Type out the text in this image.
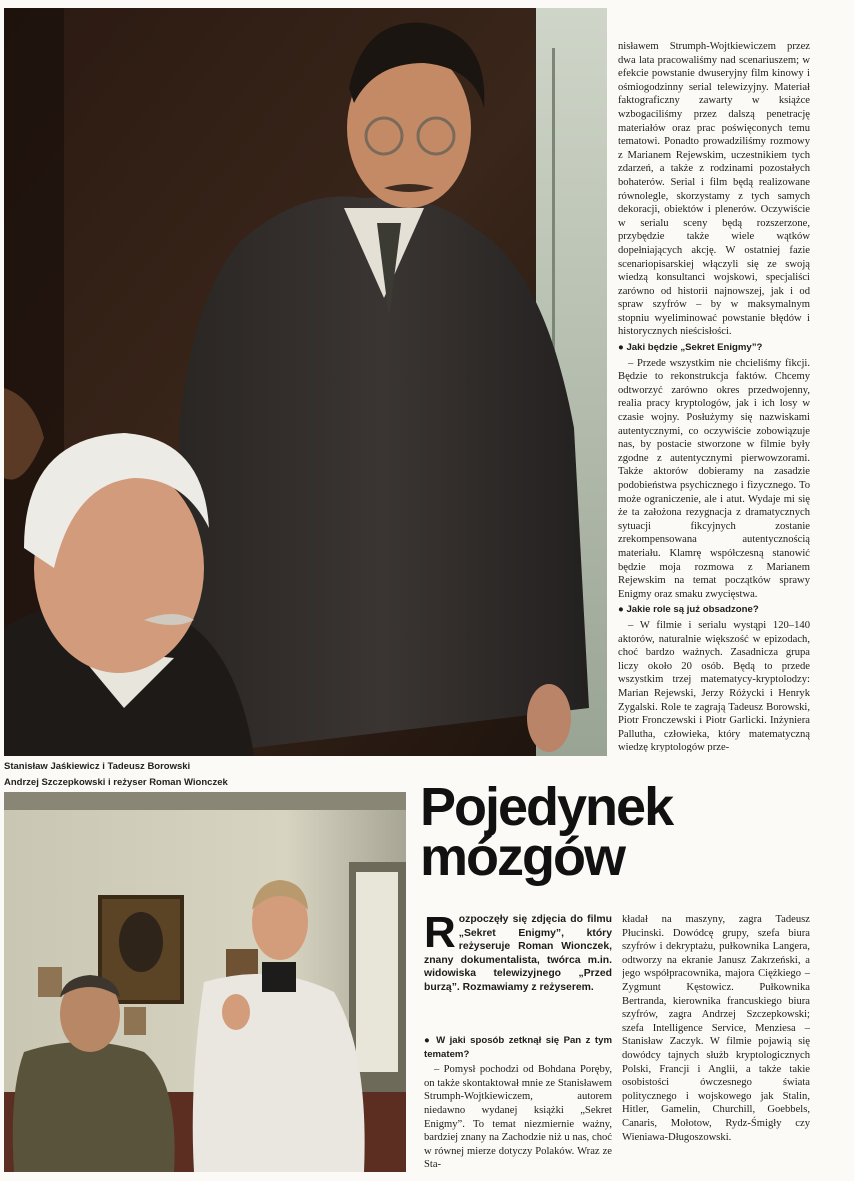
Stanisław Jaśkiewicz i Tadeusz Borowski
Andrzej Szczepkowski i reżyser Roman Wionczek

nisławem Strumph-Wojtkiewiczem przez dwa lata pracowaliśmy nad scenariuszem; w efekcie powstanie dwuseryjny film kinowy i ośmiogodzinny serial telewizyjny. Materiał faktograficzny zawarty w książce wzbogaciliśmy przez dalszą penetrację materiałów oraz prac poświęconych temu tematowi. Ponadto prowadziliśmy rozmowy z Marianem Rejewskim, uczestnikiem tych zdarzeń, a także z rodzinami pozostałych bohaterów. Serial i film będą realizowane równolegle, skorzystamy z tych samych dekoracji, obiektów i plenerów. Oczywiście w serialu sceny będą rozszerzone, przybędzie także wiele wątków dopełniających akcję. W ostatniej fazie scenariopisarskiej włączyli się ze swoją wiedzą konsultanci wojskowi, specjaliści zarówno od historii najnowszej, jak i od spraw szyfrów – by w maksymalnym stopniu wyeliminować powstanie błędów i historycznych nieścisłości.

● Jaki będzie „Sekret Enigmy”?

– Przede wszystkim nie chcieliśmy fikcji. Będzie to rekonstrukcja faktów. Chcemy odtworzyć zarówno okres przedwojenny, realia pracy kryptologów, jak i ich losy w czasie wojny. Posłużymy się nazwiskami autentycznymi, co oczywiście zobowiązuje nas, by postacie stworzone w filmie były zgodne z autentycznymi pierwowzorami. Także aktorów dobieramy na zasadzie podobieństwa psychicznego i fizycznego. To może ograniczenie, ale i atut. Wydaje mi się że ta założona rezygnacja z dramatycznych sytuacji fikcyjnych zostanie zrekompensowana autentycznością materiału. Klamrę współczesną stanowić będzie moja rozmowa z Marianem Rejewskim na temat początków sprawy Enigmy oraz smaku zwycięstwa.

● Jakie role są już obsadzone?

– W filmie i serialu wystąpi 120–140 aktorów, naturalnie większość w epizodach, choć bardzo ważnych. Zasadnicza grupa liczy około 20 osób. Będą to przede wszystkim trzej matematycy-kryptolodzy: Marian Rejewski, Jerzy Różycki i Henryk Zygalski. Role te zagrają Tadeusz Borowski, Piotr Fronczewski i Piotr Garlicki. Inżyniera Palluthа, człowieka, który matematyczną wiedzę kryptologów prze-

Pojedynek
mózgów
Rozpoczęły się zdjęcia do filmu „Sekret Enigmy”, który reżyseruje Roman Wionczek, znany dokumentalista, twórca m.in. widowiska telewizyjnego „Przed burzą”. Rozmawiamy z reżyserem.

● W jaki sposób zetknął się Pan z tym tematem?

– Pomysł pochodzi od Bohdana Poręby, on także skontaktował mnie ze Stanisławem Strumph-Wojtkiewiczem, autorem niedawno wydanej książki „Sekret Enigmy”. To temat niezmiernie ważny, bardziej znany na Zachodzie niż u nas, choć w równej mierze dotyczy Polaków. Wraz ze Sta-

kładał na maszyny, zagra Tadeusz Płucinski. Dowódcę grupy, szefa biura szyfrów i dekryptażu, pułkownika Langera, odtworzy na ekranie Janusz Zakrzeński, a jego współpracownika, majora Ciężkiego – Zygmunt Kęstowicz. Pułkownika Bertranda, kierownika francuskiego biura szyfrów, zagra Andrzej Szczepkowski; szefa Intelligence Service, Menziesa – Stanisław Zaczyk. W filmie pojawią się dowódcy tajnych służb kryptologicznych Polski, Francji i Anglii, a także takie osobistości ówczesnego świata politycznego i wojskowego jak Stalin, Hitler, Gamelin, Churchill, Goebbels, Canaris, Mołotow, Rydz-Śmigły czy Wieniawa-Długoszowski.
